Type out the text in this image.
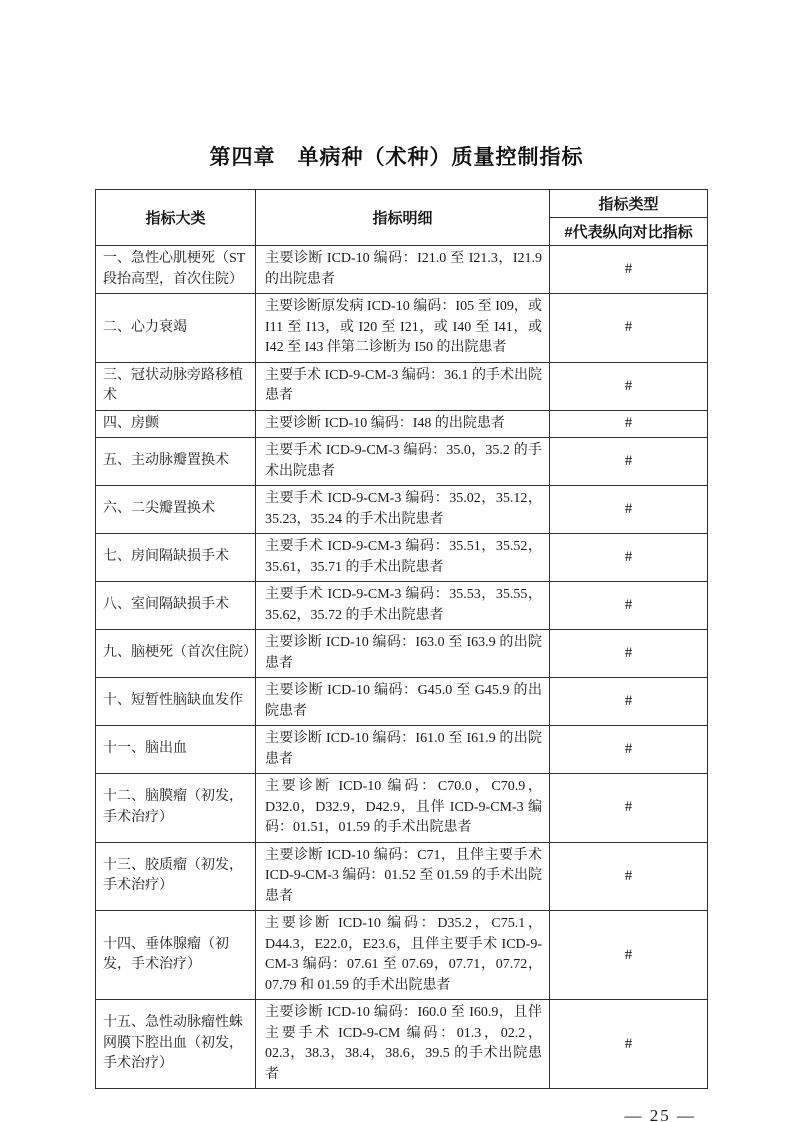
第四章　单病种（术种）质量控制指标
指标大类	指标明细	指标类型
		#代表纵向对比指标
一、急性心肌梗死（ST 段抬高型，首次住院）	主要诊断 ICD-10 编码：I21.0 至 I21.3，I21.9 的出院患者	#
二、心力衰竭	主要诊断原发病 ICD-10 编码：I05 至 I09，或 I11 至 I13，或 I20 至 I21，或 I40 至 I41，或 I42 至 I43 伴第二诊断为 I50 的出院患者	#
三、冠状动脉旁路移植术	主要手术 ICD-9-CM-3 编码：36.1 的手术出院患者	#
四、房颤	主要诊断 ICD-10 编码：I48 的出院患者	#
五、主动脉瓣置换术	主要手术 ICD-9-CM-3 编码：35.0，35.2 的手术出院患者	#
六、二尖瓣置换术	主要手术 ICD-9-CM-3 编码：35.02，35.12，35.23，35.24 的手术出院患者	#
七、房间隔缺损手术	主要手术 ICD-9-CM-3 编码：35.51，35.52，35.61，35.71 的手术出院患者	#
八、室间隔缺损手术	主要手术 ICD-9-CM-3 编码：35.53，35.55，35.62，35.72 的手术出院患者	#
九、脑梗死（首次住院）	主要诊断 ICD-10 编码：I63.0 至 I63.9 的出院患者	#
十、短暂性脑缺血发作	主要诊断 ICD-10 编码：G45.0 至 G45.9 的出院患者	#
十一、脑出血	主要诊断 ICD-10 编码：I61.0 至 I61.9 的出院患者	#
十二、脑膜瘤（初发，手术治疗）	主要诊断 ICD-10 编码：C70.0，C70.9，D32.0，D32.9，D42.9，且伴 ICD-9-CM-3 编码：01.51，01.59 的手术出院患者	#
十三、胶质瘤（初发，手术治疗）	主要诊断 ICD-10 编码：C71，且伴主要手术 ICD-9-CM-3 编码：01.52 至 01.59 的手术出院患者	#
十四、垂体腺瘤（初发，手术治疗）	主要诊断 ICD-10 编码：D35.2，C75.1，D44.3，E22.0，E23.6，且伴主要手术 ICD-9-CM-3 编码：07.61 至 07.69，07.71，07.72，07.79 和 01.59 的手术出院患者	#
十五、急性动脉瘤性蛛网膜下腔出血（初发，手术治疗）	主要诊断 ICD-10 编码：I60.0 至 I60.9，且伴主要手术 ICD-9-CM 编码：01.3，02.2，02.3，38.3，38.4，38.6，39.5 的手术出院患者	#
— 25 —
